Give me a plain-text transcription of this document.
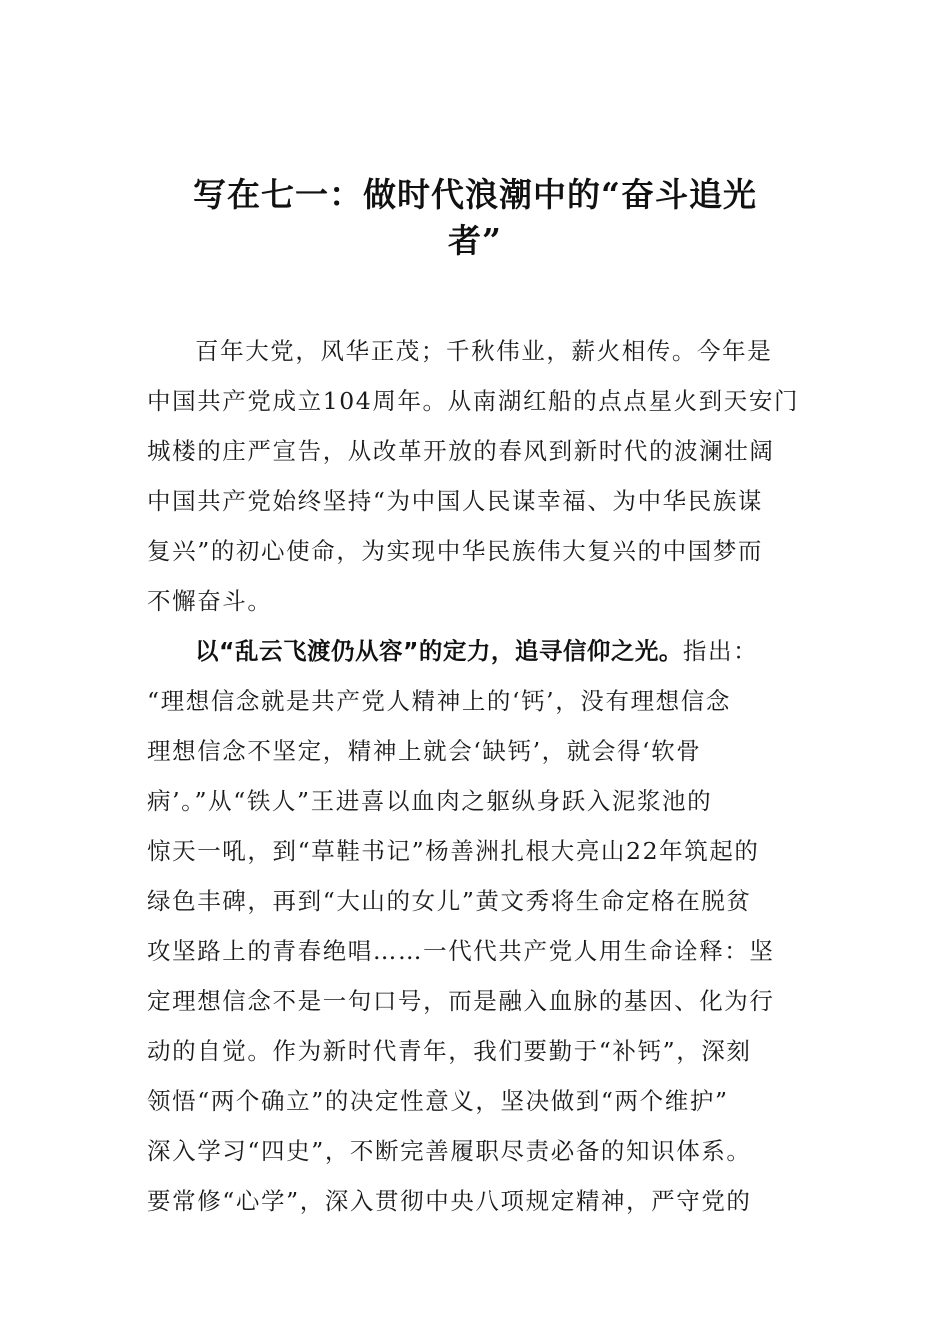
写在七一：做时代浪潮中的“奋斗追光
者”
百年大党，风华正茂；千秋伟业，薪火相传。今年是
中国共产党成立104周年。从南湖红船的点点星火到天安门
城楼的庄严宣告，从改革开放的春风到新时代的波澜壮阔
中国共产党始终坚持“为中国人民谋幸福、为中华民族谋
复兴”的初心使命，为实现中华民族伟大复兴的中国梦而
不懈奋斗。
以“乱云飞渡仍从容”的定力，追寻信仰之光。指出：
“理想信念就是共产党人精神上的‘钙’，没有理想信念
理想信念不坚定，精神上就会‘缺钙’，就会得‘软骨
病’。”从“铁人”王进喜以血肉之躯纵身跃入泥浆池的
惊天一吼，到“草鞋书记”杨善洲扎根大亮山22年筑起的
绿色丰碑，再到“大山的女儿”黄文秀将生命定格在脱贫
攻坚路上的青春绝唱……一代代共产党人用生命诠释：坚
定理想信念不是一句口号，而是融入血脉的基因、化为行
动的自觉。作为新时代青年，我们要勤于“补钙”，深刻
领悟“两个确立”的决定性意义，坚决做到“两个维护”
深入学习“四史”，不断完善履职尽责必备的知识体系。
要常修“心学”，深入贯彻中央八项规定精神，严守党的
